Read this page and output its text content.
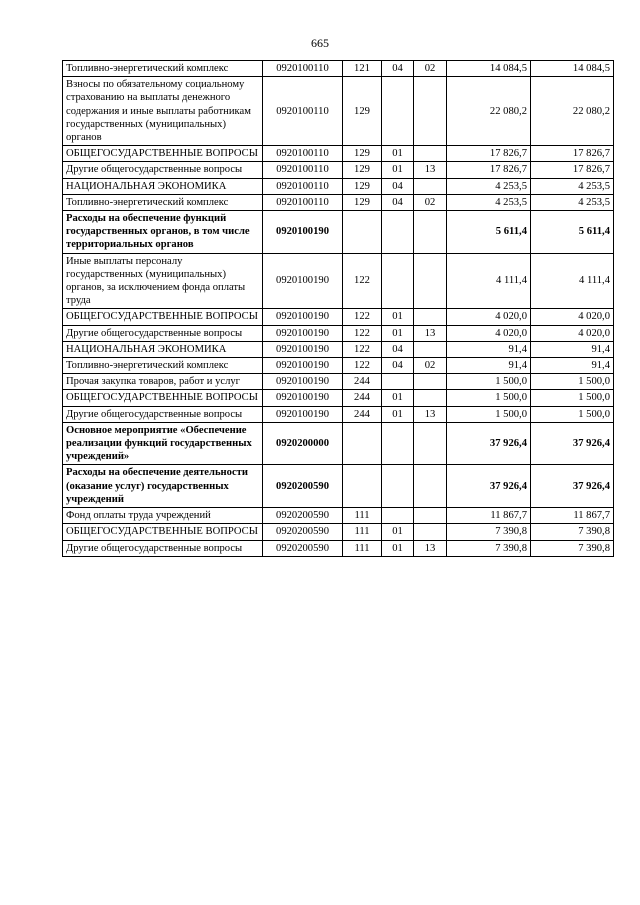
665
Топливно-энергетический комплекс	0920100110	121	04	02	14 084,5	14 084,5
Взносы по обязательному социальному страхованию на выплаты денежного содержания и иные выплаты работникам государственных (муниципальных) органов	0920100110	129			22 080,2	22 080,2
ОБЩЕГОСУДАРСТВЕННЫЕ ВОПРОСЫ	0920100110	129	01		17 826,7	17 826,7
Другие общегосударственные вопросы	0920100110	129	01	13	17 826,7	17 826,7
НАЦИОНАЛЬНАЯ ЭКОНОМИКА	0920100110	129	04		4 253,5	4 253,5
Топливно-энергетический комплекс	0920100110	129	04	02	4 253,5	4 253,5
Расходы на обеспечение функций государственных органов, в том числе территориальных органов	0920100190				5 611,4	5 611,4
Иные выплаты персоналу государственных (муниципальных) органов, за исключением фонда оплаты труда	0920100190	122			4 111,4	4 111,4
ОБЩЕГОСУДАРСТВЕННЫЕ ВОПРОСЫ	0920100190	122	01		4 020,0	4 020,0
Другие общегосударственные вопросы	0920100190	122	01	13	4 020,0	4 020,0
НАЦИОНАЛЬНАЯ ЭКОНОМИКА	0920100190	122	04		91,4	91,4
Топливно-энергетический комплекс	0920100190	122	04	02	91,4	91,4
Прочая закупка товаров, работ и услуг	0920100190	244			1 500,0	1 500,0
ОБЩЕГОСУДАРСТВЕННЫЕ ВОПРОСЫ	0920100190	244	01		1 500,0	1 500,0
Другие общегосударственные вопросы	0920100190	244	01	13	1 500,0	1 500,0
Основное мероприятие «Обеспечение реализации функций государственных учреждений»	0920200000				37 926,4	37 926,4
Расходы на обеспечение деятельности (оказание услуг) государственных учреждений	0920200590				37 926,4	37 926,4
Фонд оплаты труда учреждений	0920200590	111			11 867,7	11 867,7
ОБЩЕГОСУДАРСТВЕННЫЕ ВОПРОСЫ	0920200590	111	01		7 390,8	7 390,8
Другие общегосударственные вопросы	0920200590	111	01	13	7 390,8	7 390,8
